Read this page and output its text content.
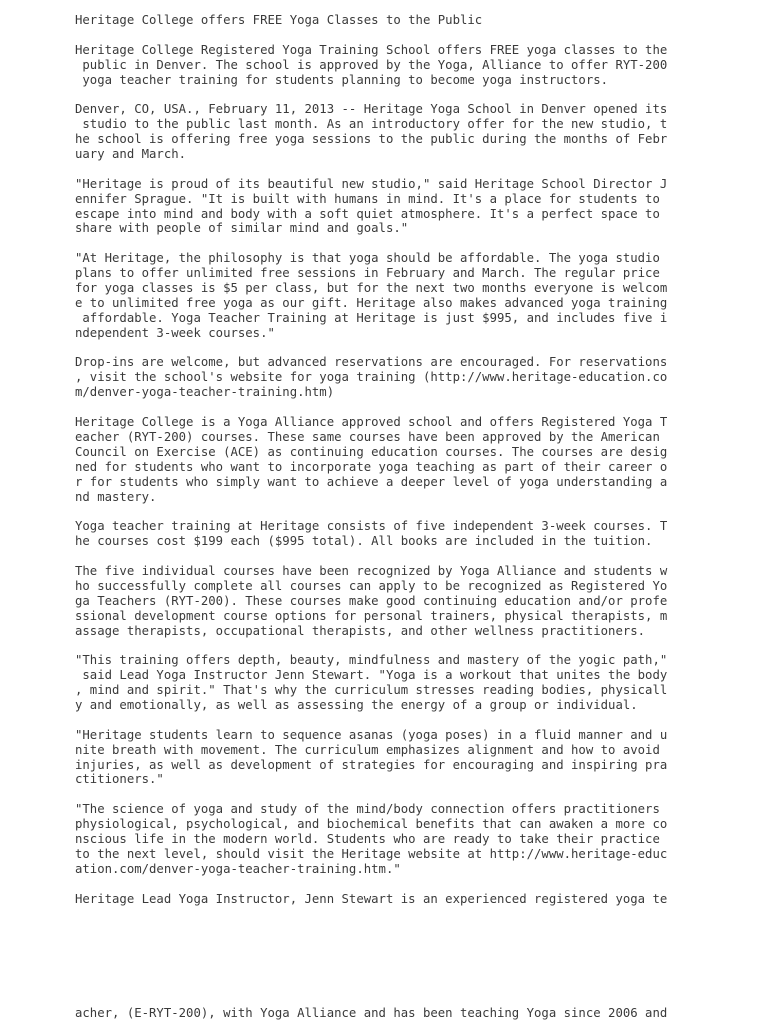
Heritage College offers FREE Yoga Classes to the Public
Heritage College Registered Yoga Training School offers FREE yoga classes to the
public in Denver. The school is approved by the Yoga, Alliance to offer RYT-200
yoga teacher training for students planning to become yoga instructors.
Denver, CO, USA., February 11, 2013 -- Heritage Yoga School in Denver opened its
studio to the public last month. As an introductory offer for the new studio, t
he school is offering free yoga sessions to the public during the months of Febr
uary and March.
"Heritage is proud of its beautiful new studio," said Heritage School Director J
ennifer Sprague. "It is built with humans in mind. It's a place for students to
escape into mind and body with a soft quiet atmosphere. It's a perfect space to
share with people of similar mind and goals."
"At Heritage, the philosophy is that yoga should be affordable. The yoga studio
plans to offer unlimited free sessions in February and March. The regular price
for yoga classes is $5 per class, but for the next two months everyone is welcom
e to unlimited free yoga as our gift. Heritage also makes advanced yoga training
affordable. Yoga Teacher Training at Heritage is just $995, and includes five i
ndependent 3-week courses."
Drop-ins are welcome, but advanced reservations are encouraged. For reservations
, visit the school's website for yoga training (http://www.heritage-education.co
m/denver-yoga-teacher-training.htm)
Heritage College is a Yoga Alliance approved school and offers Registered Yoga T
eacher (RYT-200) courses. These same courses have been approved by the American
Council on Exercise (ACE) as continuing education courses. The courses are desig
ned for students who want to incorporate yoga teaching as part of their career o
r for students who simply want to achieve a deeper level of yoga understanding a
nd mastery.
Yoga teacher training at Heritage consists of five independent 3-week courses. T
he courses cost $199 each ($995 total). All books are included in the tuition.
The five individual courses have been recognized by Yoga Alliance and students w
ho successfully complete all courses can apply to be recognized as Registered Yo
ga Teachers (RYT-200). These courses make good continuing education and/or profe
ssional development course options for personal trainers, physical therapists, m
assage therapists, occupational therapists, and other wellness practitioners.
"This training offers depth, beauty, mindfulness and mastery of the yogic path,"
said Lead Yoga Instructor Jenn Stewart. "Yoga is a workout that unites the body
, mind and spirit." That's why the curriculum stresses reading bodies, physicall
y and emotionally, as well as assessing the energy of a group or individual.
"Heritage students learn to sequence asanas (yoga poses) in a fluid manner and u
nite breath with movement. The curriculum emphasizes alignment and how to avoid
injuries, as well as development of strategies for encouraging and inspiring pra
ctitioners."
"The science of yoga and study of the mind/body connection offers practitioners
physiological, psychological, and biochemical benefits that can awaken a more co
nscious life in the modern world. Students who are ready to take their practice
to the next level, should visit the Heritage website at http://www.heritage-educ
ation.com/denver-yoga-teacher-training.htm."
Heritage Lead Yoga Instructor, Jenn Stewart is an experienced registered yoga te
acher, (E-RYT-200), with Yoga Alliance and has been teaching Yoga since 2006 and
